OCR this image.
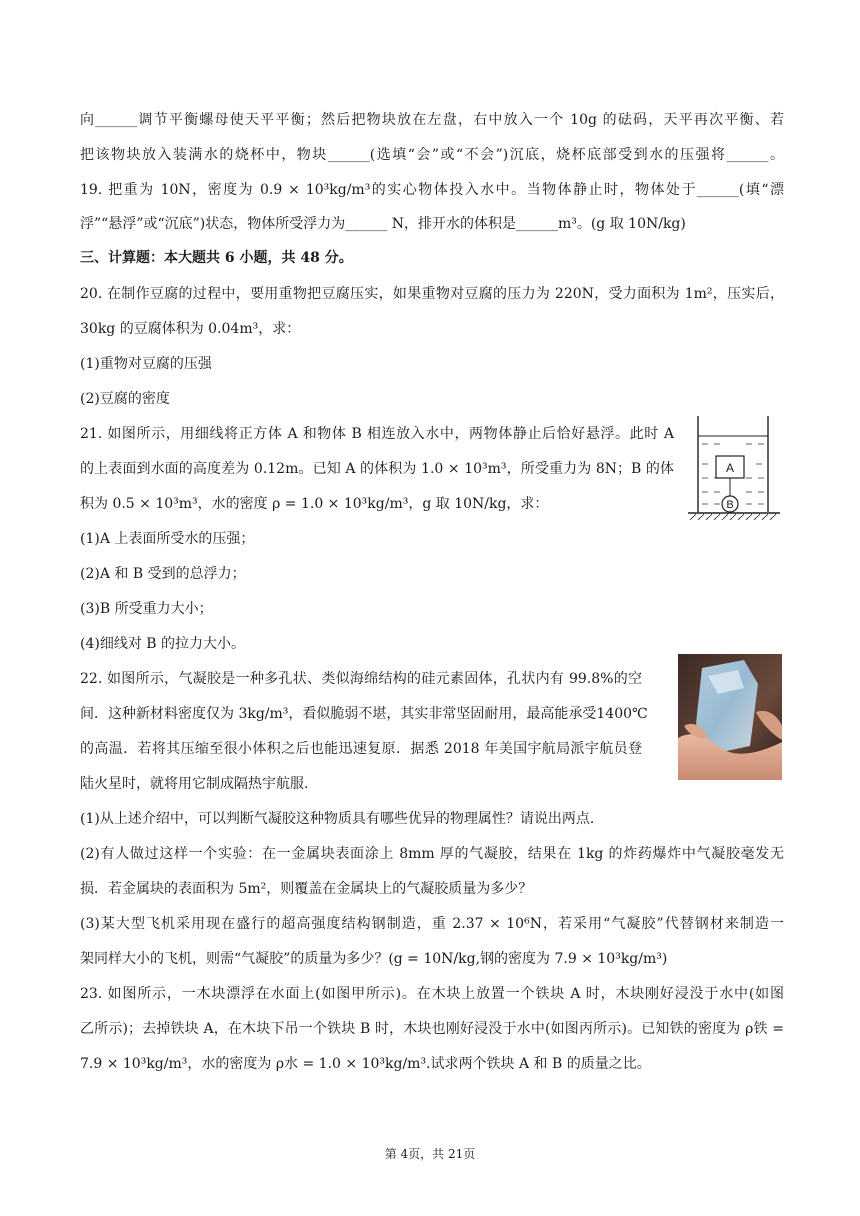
向______调节平衡螺母使天平平衡；然后把物块放在左盘，右中放入一个 10g 的砝码，天平再次平衡、若
把该物块放入装满水的烧杯中，物块______(选填“会”或“不会”)沉底，烧杯底部受到水的压强将______。
19. 把重为 10N，密度为 0.9 × 10³kg/m³的实心物体投入水中。当物体静止时，物体处于______(填“漂
浮”“悬浮”或“沉底”)状态，物体所受浮力为______ N，排开水的体积是______m³。(g 取 10N/kg)
三、计算题：本大题共 6 小题，共 48 分。
20. 在制作豆腐的过程中，要用重物把豆腐压实，如果重物对豆腐的压力为 220N，受力面积为 1m²，压实后，
30kg 的豆腐体积为 0.04m³，求：
(1)重物对豆腐的压强
(2)豆腐的密度
21. 如图所示，用细线将正方体 A 和物体 B 相连放入水中，两物体静止后恰好悬浮。此时 A
的上表面到水面的高度差为 0.12m。已知 A 的体积为 1.0 × 10³m³，所受重力为 8N；B 的体
积为 0.5 × 10³m³，水的密度 ρ = 1.0 × 10³kg/m³，g 取 10N/kg，求：
(1)A 上表面所受水的压强；
(2)A 和 B 受到的总浮力；
(3)B 所受重力大小；
(4)细线对 B 的拉力大小。
22. 如图所示，气凝胶是一种多孔状、类似海绵结构的硅元素固体，孔状内有 99.8%的空
间．这种新材料密度仅为 3kg/m³，看似脆弱不堪，其实非常坚固耐用，最高能承受1400℃
的高温．若将其压缩至很小体积之后也能迅速复原．据悉 2018 年美国宇航局派宇航员登
陆火星时，就将用它制成隔热宇航服．
(1)从上述介绍中，可以判断气凝胶这种物质具有哪些优异的物理属性？请说出两点．
(2)有人做过这样一个实验：在一金属块表面涂上 8mm 厚的气凝胶，结果在 1kg 的炸药爆炸中气凝胶毫发无
损．若金属块的表面积为 5m²，则覆盖在金属块上的气凝胶质量为多少？
(3)某大型飞机采用现在盛行的超高强度结构钢制造，重 2.37 × 10⁶N，若采用“气凝胶”代替钢材来制造一
架同样大小的飞机，则需“气凝胶”的质量为多少？(g = 10N/kg,钢的密度为 7.9 × 10³kg/m³)
23. 如图所示，一木块漂浮在水面上(如图甲所示)。在木块上放置一个铁块 A 时，木块刚好浸没于水中(如图
乙所示)；去掉铁块 A，在木块下吊一个铁块 B 时，木块也刚好浸没于水中(如图丙所示)。已知铁的密度为 ρ铁 =
7.9 × 10³kg/m³，水的密度为 ρ水 = 1.0 × 10³kg/m³.试求两个铁块 A 和 B 的质量之比。
A
B
第 4页，共 21页
